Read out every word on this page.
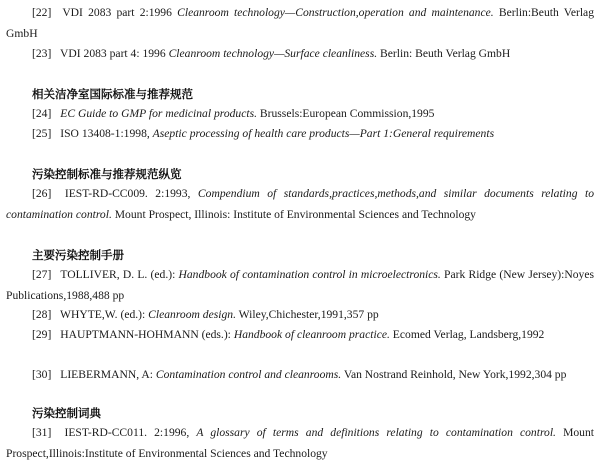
[22] VDI 2083 part 2:1996 Cleanroom technology—Construction,operation and maintenance. Berlin:Beuth Verlag GmbH

[23] VDI 2083 part 4: 1996 Cleanroom technology—Surface cleanliness. Berlin: Beuth Verlag GmbH

相关洁净室国际标准与推荐规范

[24] EC Guide to GMP for medicinal products. Brussels:European Commission,1995

[25] ISO 13408-1:1998, Aseptic processing of health care products—Part 1:General requirements

污染控制标准与推荐规范纵览

[26] IEST-RD-CC009. 2:1993, Compendium of standards,practices,methods,and similar documents relating to contamination control. Mount Prospect, Illinois: Institute of Environmental Sciences and Technology

主要污染控制手册

[27] TOLLIVER, D. L. (ed.): Handbook of contamination control in microelectronics. Park Ridge (New Jersey):Noyes Publications,1988,488 pp

[28] WHYTE,W. (ed.): Cleanroom design. Wiley,Chichester,1991,357 pp

[29] HAUPTMANN-HOHMANN (eds.): Handbook of cleanroom practice. Ecomed Verlag, Landsberg,1992

[30] LIEBERMANN, A: Contamination control and cleanrooms. Van Nostrand Reinhold, New York,1992,304 pp

污染控制词典

[31] IEST-RD-CC011. 2:1996, A glossary of terms and definitions relating to contamination control. Mount Prospect,Illinois:Institute of Environmental Sciences and Technology
